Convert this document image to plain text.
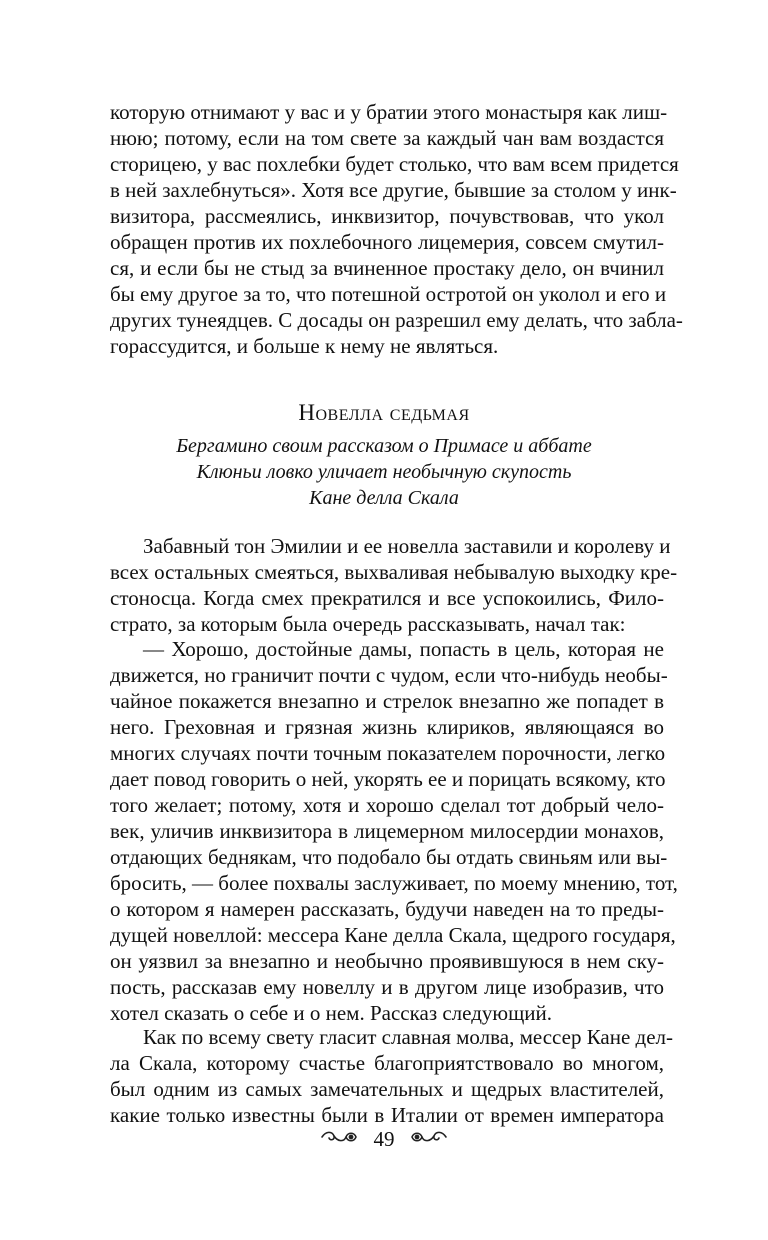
которую отнимают у вас и у братии этого монастыря как лиш-
нюю; потому, если на том свете за каждый чан вам воздастся
сторицею, у вас похлебки будет столько, что вам всем придется
в ней захлебнуться». Хотя все другие, бывшие за столом у инк-
визитора, рассмеялись, инквизитор, почувствовав, что укол
обращен против их похлебочного лицемерия, совсем смутил-
ся, и если бы не стыд за вчиненное простаку дело, он вчинил
бы ему другое за то, что потешной остротой он уколол и его и
других тунеядцев. С досады он разрешил ему делать, что забла-
горассудится, и больше к нему не являться.
Новелла седьмая
Бергамино своим рассказом о Примасе и аббате
Клюньи ловко уличает необычную скупость
Кане делла Скала
Забавный тон Эмилии и ее новелла заставили и королеву и
всех остальных смеяться, выхваливая небывалую выходку кре-
стоносца. Когда смех прекратился и все успокоились, Фило-
страто, за которым была очередь рассказывать, начал так:
— Хорошо, достойные дамы, попасть в цель, которая не
движется, но граничит почти с чудом, если что-нибудь необы-
чайное покажется внезапно и стрелок внезапно же попадет в
него. Греховная и грязная жизнь клириков, являющаяся во
многих случаях почти точным показателем порочности, легко
дает повод говорить о ней, укорять ее и порицать всякому, кто
того желает; потому, хотя и хорошо сделал тот добрый чело-
век, уличив инквизитора в лицемерном милосердии монахов,
отдающих беднякам, что подобало бы отдать свиньям или вы-
бросить, — более похвалы заслуживает, по моему мнению, тот,
о котором я намерен рассказать, будучи наведен на то преды-
дущей новеллой: мессера Кане делла Скала, щедрого государя,
он уязвил за внезапно и необычно проявившуюся в нем ску-
пость, рассказав ему новеллу и в другом лице изобразив, что
хотел сказать о себе и о нем. Рассказ следующий.
Как по всему свету гласит славная молва, мессер Кане дел-
ла Скала, которому счастье благоприятствовало во многом,
был одним из самых замечательных и щедрых властителей,
какие только известны были в Италии от времен императора
49
